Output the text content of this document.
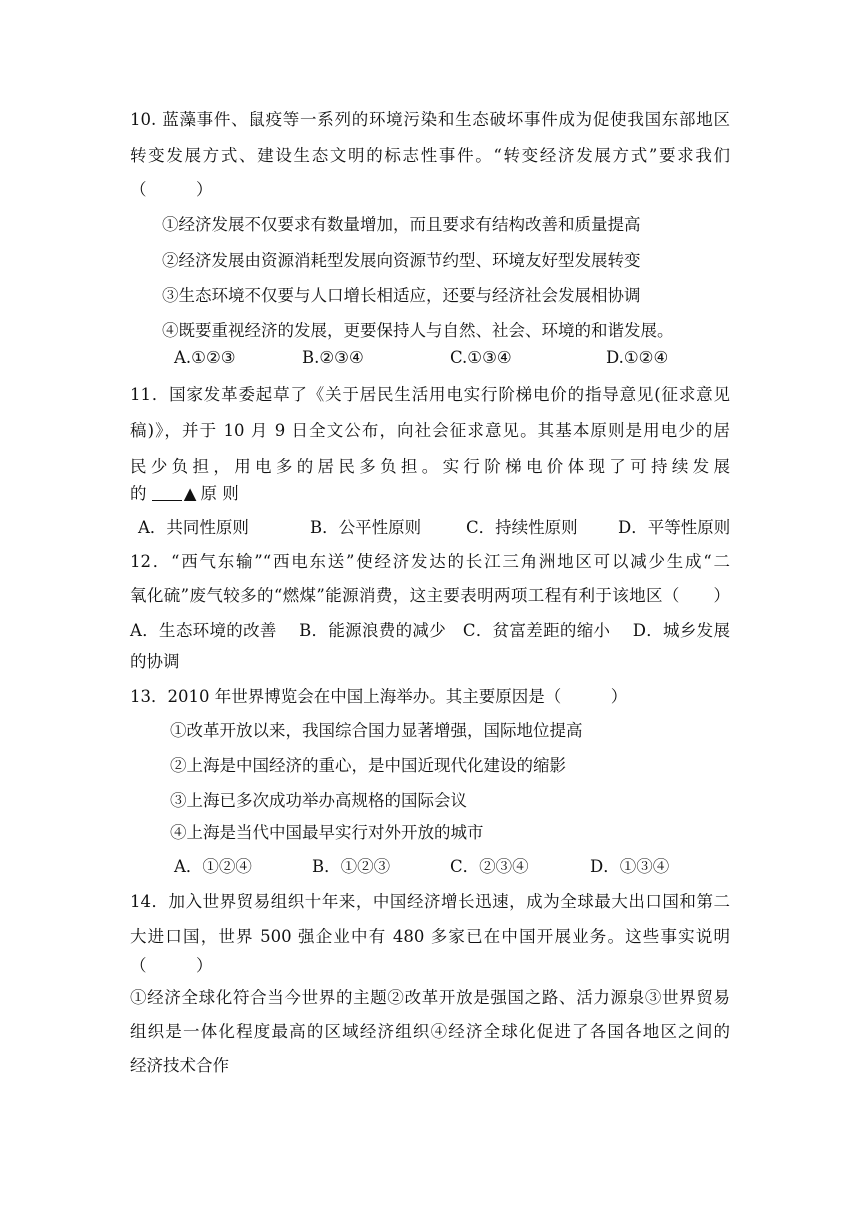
10. 蓝藻事件、鼠疫等一系列的环境污染和生态破坏事件成为促使我国东部地区
转变发展方式、建设生态文明的标志性事件。“转变经济发展方式”要求我们
（　　　）
①经济发展不仅要求有数量增加，而且要求有结构改善和质量提高
②经济发展由资源消耗型发展向资源节约型、环境友好型发展转变
③生态环境不仅要与人口增长相适应，还要与经济社会发展相协调
④既要重视经济的发展，更要保持人与自然、社会、环境的和谐发展。
A.①②③	B.②③④	C.①③④	D.①②④
11．国家发革委起草了《关于居民生活用电实行阶梯电价的指导意见(征求意见
稿)》，并于 10 月 9 日全文公布，向社会征求意见。其基本原则是用电少的居
民少负担，用电多的居民多负担。实行阶梯电价体现了可持续发展
的 ▲ 原 则
A．共同性原则	B．公平性原则	C．持续性原则 D．平等性原则
12．“西气东输”“西电东送”使经济发达的长江三角洲地区可以减少生成“二
氧化硫”废气较多的“燃煤”能源消费，这主要表明两项工程有利于该地区（　　）
A．生态环境的改善　 B．能源浪费的减少　C．贫富差距的缩小　 D．城乡发展
的协调
13．2010 年世界博览会在中国上海举办。其主要原因是（　　　）
①改革开放以来，我国综合国力显著增强，国际地位提高
②上海是中国经济的重心，是中国近现代化建设的缩影
③上海已多次成功举办高规格的国际会议
④上海是当代中国最早实行对外开放的城市
A．①②④	B．①②③	C．②③④	D．①③④
14．加入世界贸易组织十年来，中国经济增长迅速，成为全球最大出口国和第二
大进口国，世界 500 强企业中有 480 多家已在中国开展业务。这些事实说明
（　　　）
①经济全球化符合当今世界的主题②改革开放是强国之路、活力源泉③世界贸易
组织是一体化程度最高的区域经济组织④经济全球化促进了各国各地区之间的
经济技术合作
